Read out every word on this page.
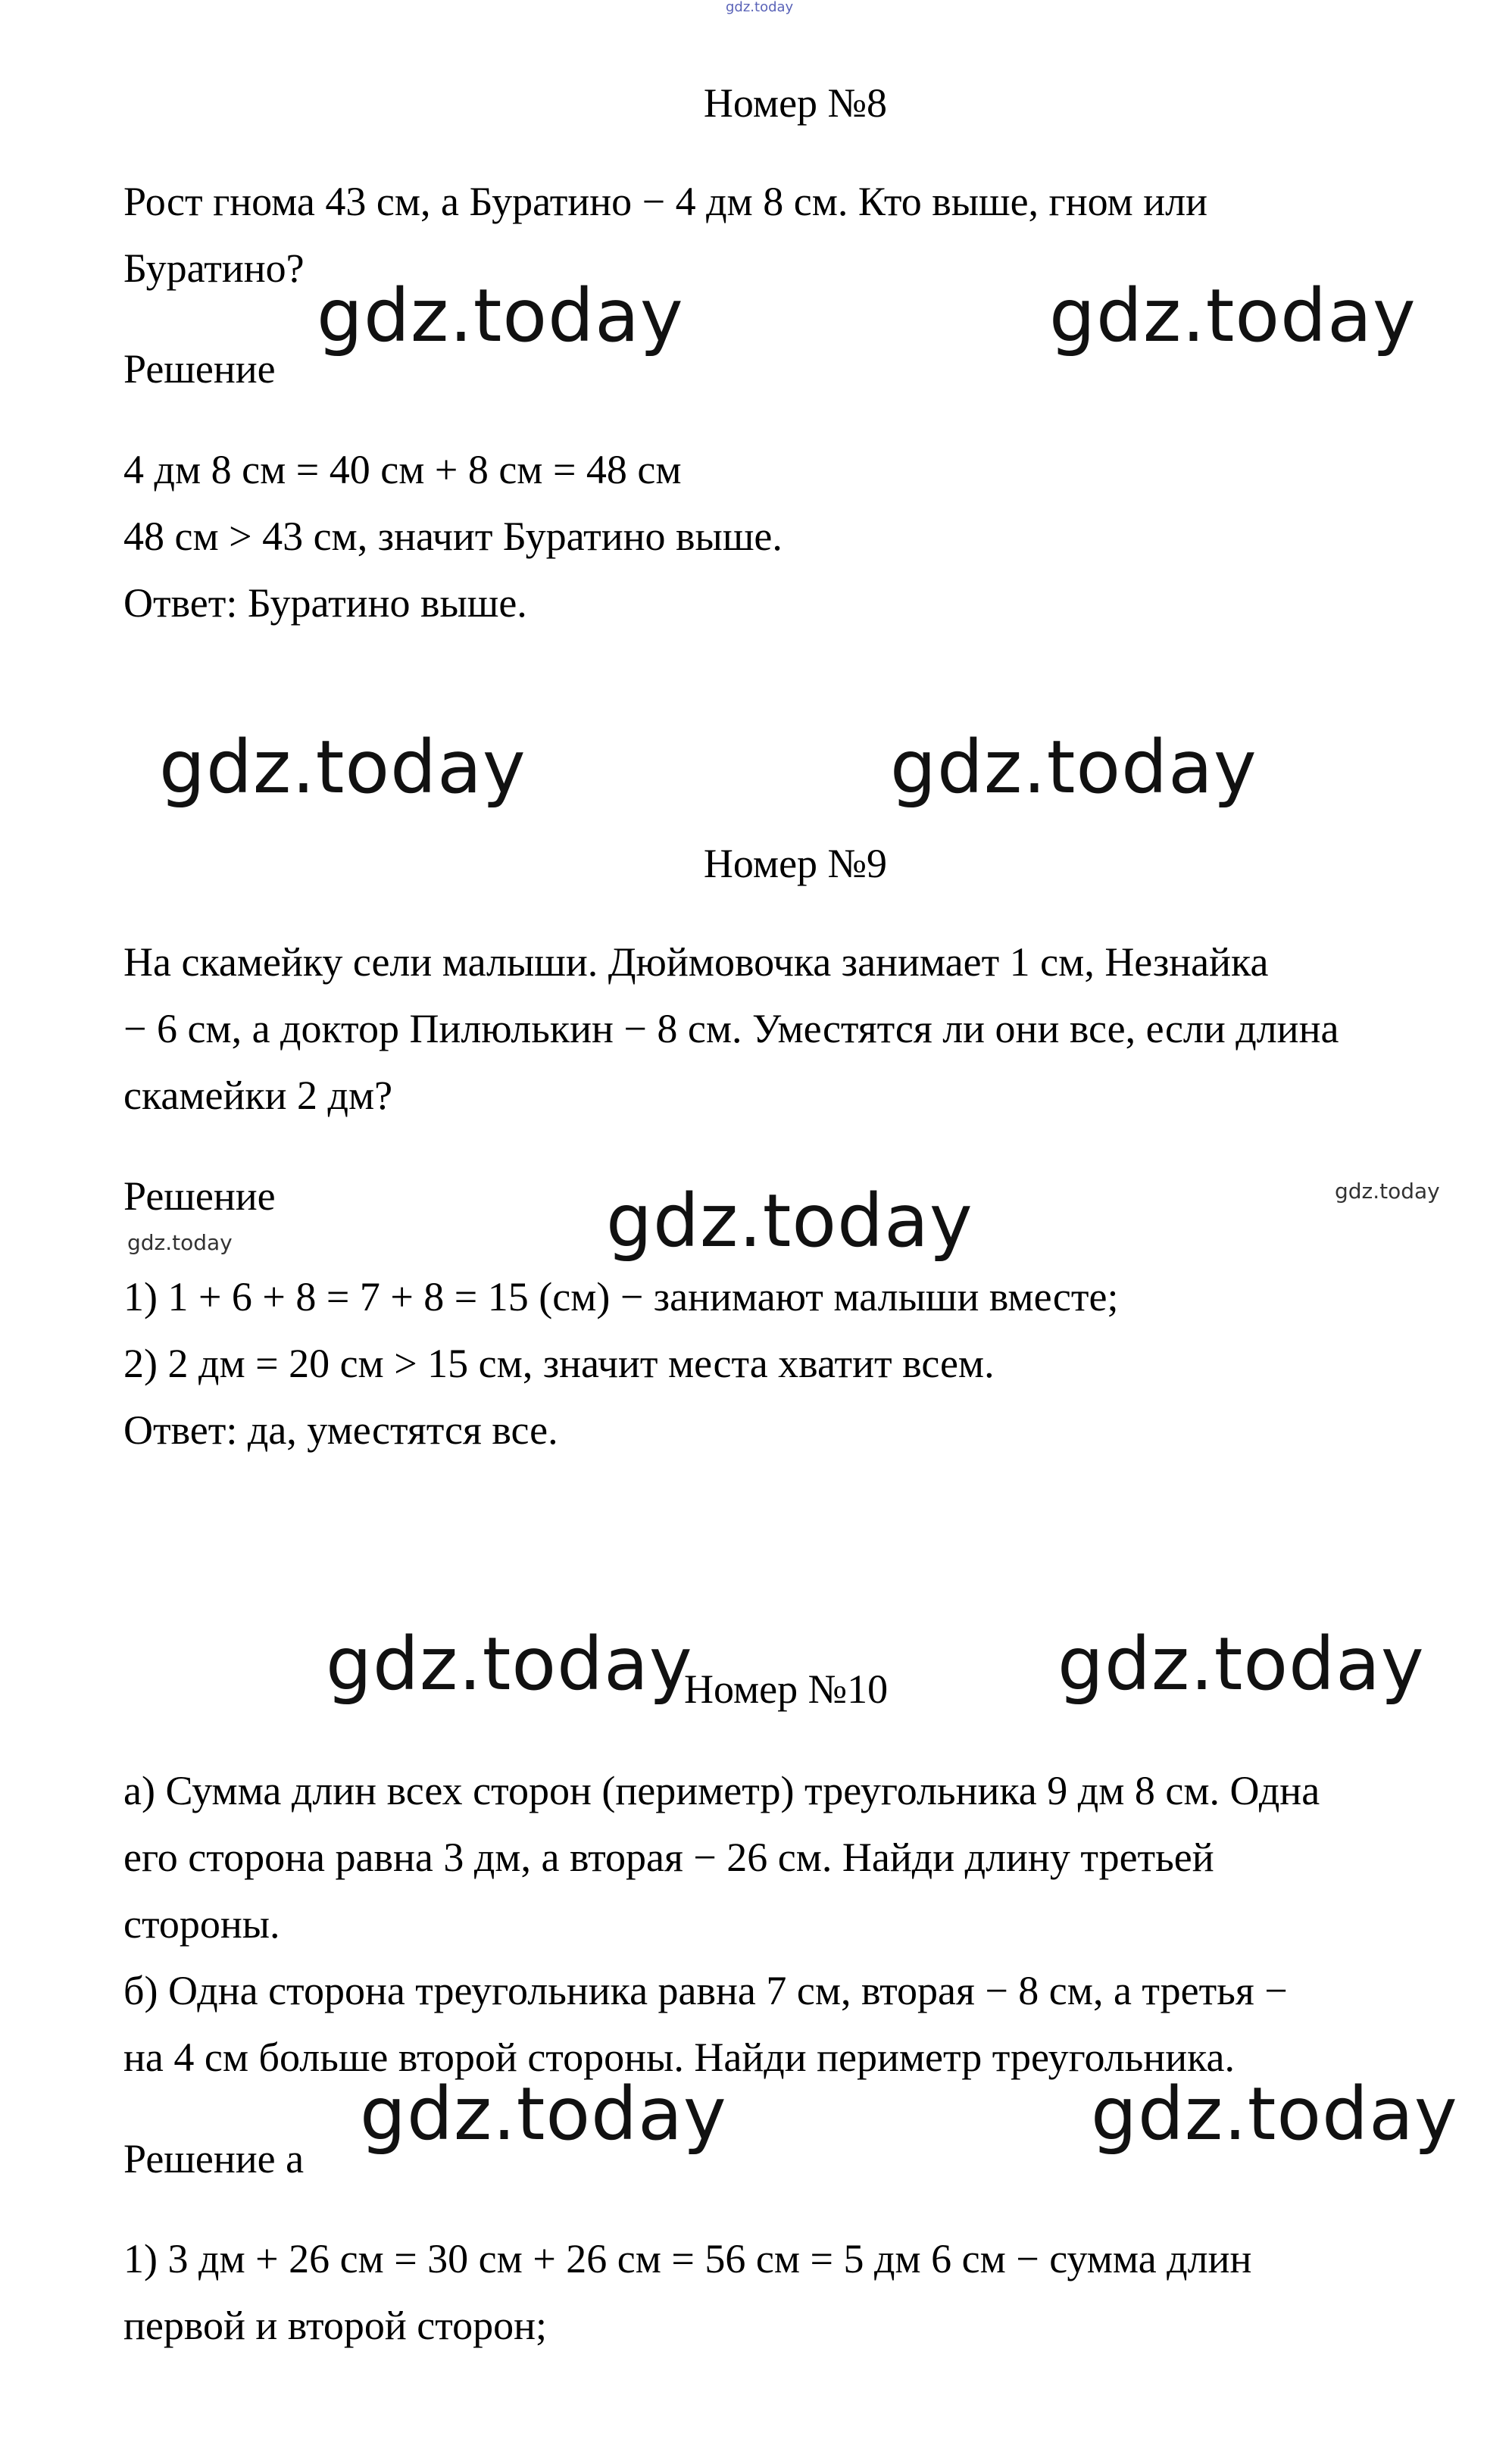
gdz.today
Номер №8
Рост гнома 43 см, а Буратино − 4 дм 8 см. Кто выше, гном или
Буратино?
gdz.today	gdz.today
Решение
4 дм 8 см = 40 см + 8 см = 48 см
48 см > 43 см, значит Буратино выше.
Ответ: Буратино выше.
gdz.today	gdz.today
Номер №9
На скамейку сели малыши. Дюймовочка занимает 1 см, Незнайка
− 6 см, а доктор Пилюлькин − 8 см. Уместятся ли они все, если длина
скамейки 2 дм?
Решение	gdz.today	gdz.today
gdz.today
1) 1 + 6 + 8 = 7 + 8 = 15 (см) − занимают малыши вместе;
2) 2 дм = 20 см > 15 см, значит места хватит всем.
Ответ: да, уместятся все.
gdz.today
Номер №10 gdz.today
а) Сумма длин всех сторон (периметр) треугольника 9 дм 8 см. Одна
его сторона равна 3 дм, а вторая − 26 см. Найди длину третьей
стороны.
б) Одна сторона треугольника равна 7 см, вторая − 8 см, а третья −
на 4 см больше второй стороны. Найди периметр треугольника.
gdz.today	gdz.today
Решение а
1) 3 дм + 26 см = 30 см + 26 см = 56 см = 5 дм 6 см − сумма длин
первой и второй сторон;
